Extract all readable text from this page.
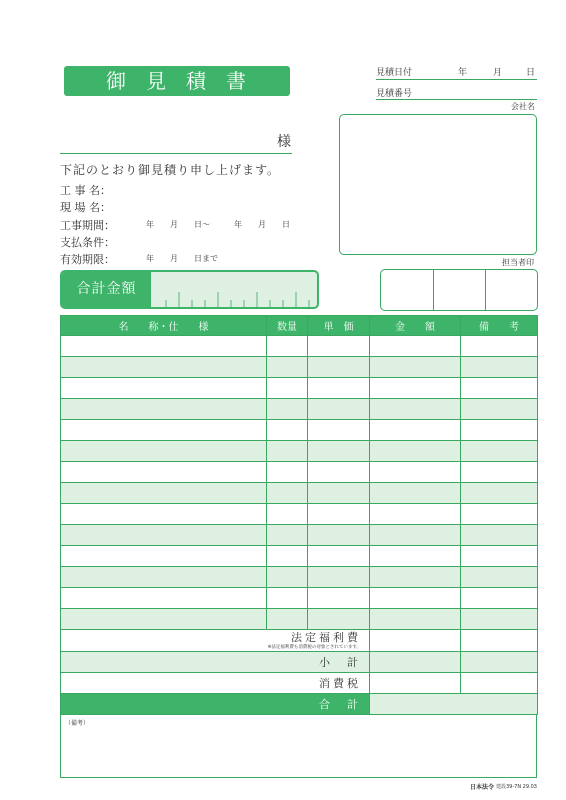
御見積書	見積日付	年	月	日
見積番号
会社名
様
下記のとおり御見積り申し上げます。
工 事 名：
現 場 名：
工事期間：	年　　月　　日～　　　年　　月　　日
支払条件：
有効期限：	年　　月　　日まで
合計金額
担当者印
名　　称・仕　　様	数量	単　価	金　　額	備　　考

法定福利費
※法定福利費も消費税の対象とされています。				

小　計				
消費税				
合　計				
（備考）
日本法令 建設39-7N 29.03
